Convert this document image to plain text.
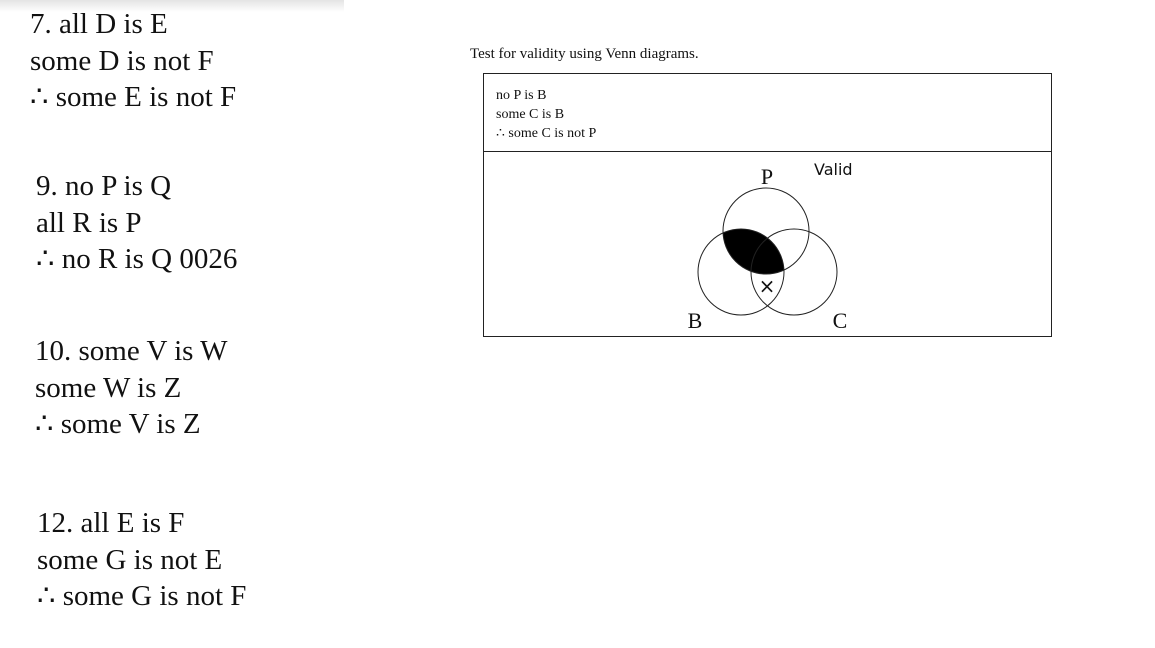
7. all D is E
some D is not F
∴ some E is not F
9. no P is Q
all R is P
∴ no R is Q 0026
10. some V is W
some W is Z
∴ some V is Z
12. all E is F
some G is not E
∴ some G is not F
Test for validity using Venn diagrams.
no P is B
some C is B
∴ some C is not P
P
B	C
×
Valid
